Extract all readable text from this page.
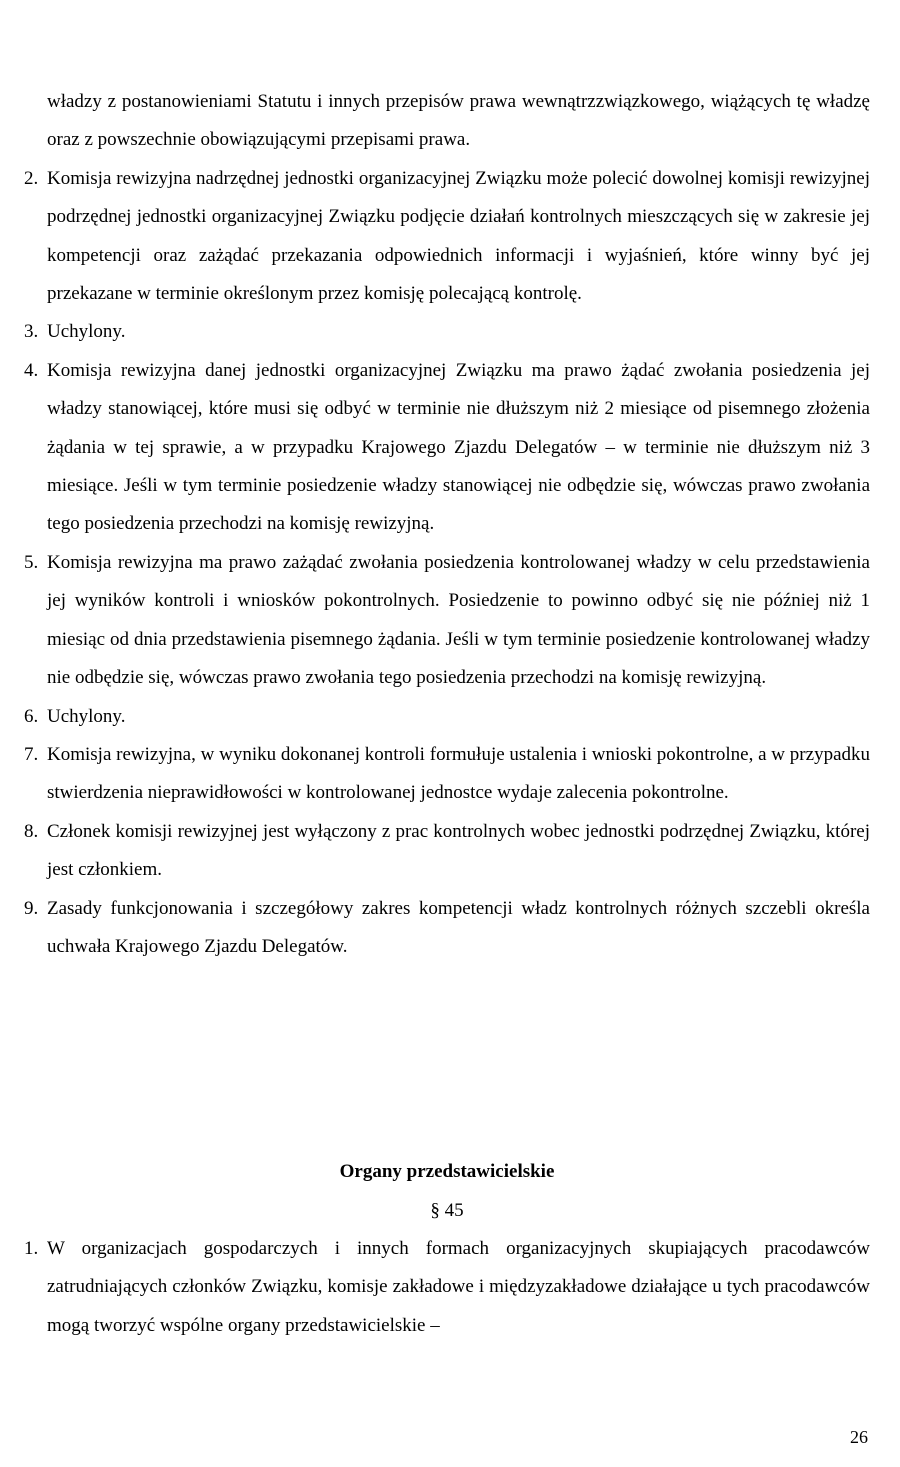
władzy z postanowieniami Statutu i innych przepisów prawa wewnątrzzwiązkowego, wiążących tę władzę oraz z powszechnie obowiązującymi przepisami prawa.

2. Komisja rewizyjna nadrzędnej jednostki organizacyjnej Związku może polecić dowolnej komisji rewizyjnej podrzędnej jednostki organizacyjnej Związku podjęcie działań kontrolnych mieszczących się w zakresie jej kompetencji oraz zażądać przekazania odpowiednich informacji i wyjaśnień, które winny być jej przekazane w terminie określonym przez komisję polecającą kontrolę.
3. Uchylony.
4. Komisja rewizyjna danej jednostki organizacyjnej Związku ma prawo żądać zwołania posiedzenia jej władzy stanowiącej, które musi się odbyć w terminie nie dłuższym niż 2 miesiące od pisemnego złożenia żądania w tej sprawie, a w przypadku Krajowego Zjazdu Delegatów – w terminie nie dłuższym niż 3 miesiące. Jeśli w tym terminie posiedzenie władzy stanowiącej nie odbędzie się, wówczas prawo zwołania tego posiedzenia przechodzi na komisję rewizyjną.
5. Komisja rewizyjna ma prawo zażądać zwołania posiedzenia kontrolowanej władzy w celu przedstawienia jej wyników kontroli i wniosków pokontrolnych. Posiedzenie to powinno odbyć się nie później niż 1 miesiąc od dnia przedstawienia pisemnego żądania. Jeśli w tym terminie posiedzenie kontrolowanej władzy nie odbędzie się, wówczas prawo zwołania tego posiedzenia przechodzi na komisję rewizyjną.
6. Uchylony.
7. Komisja rewizyjna, w wyniku dokonanej kontroli formułuje ustalenia i wnioski pokontrolne, a w przypadku stwierdzenia nieprawidłowości w kontrolowanej jednostce wydaje zalecenia pokontrolne.
8. Członek komisji rewizyjnej jest wyłączony z prac kontrolnych wobec jednostki podrzędnej Związku, której jest członkiem.
9. Zasady funkcjonowania i szczegółowy zakres kompetencji władz kontrolnych różnych szczebli określa uchwała Krajowego Zjazdu Delegatów.
Organy przedstawicielskie
§ 45
1. W organizacjach gospodarczych i innych formach organizacyjnych skupiających pracodawców zatrudniających członków Związku, komisje zakładowe i międzyzakładowe działające u tych pracodawców mogą tworzyć wspólne organy przedstawicielskie –
26
